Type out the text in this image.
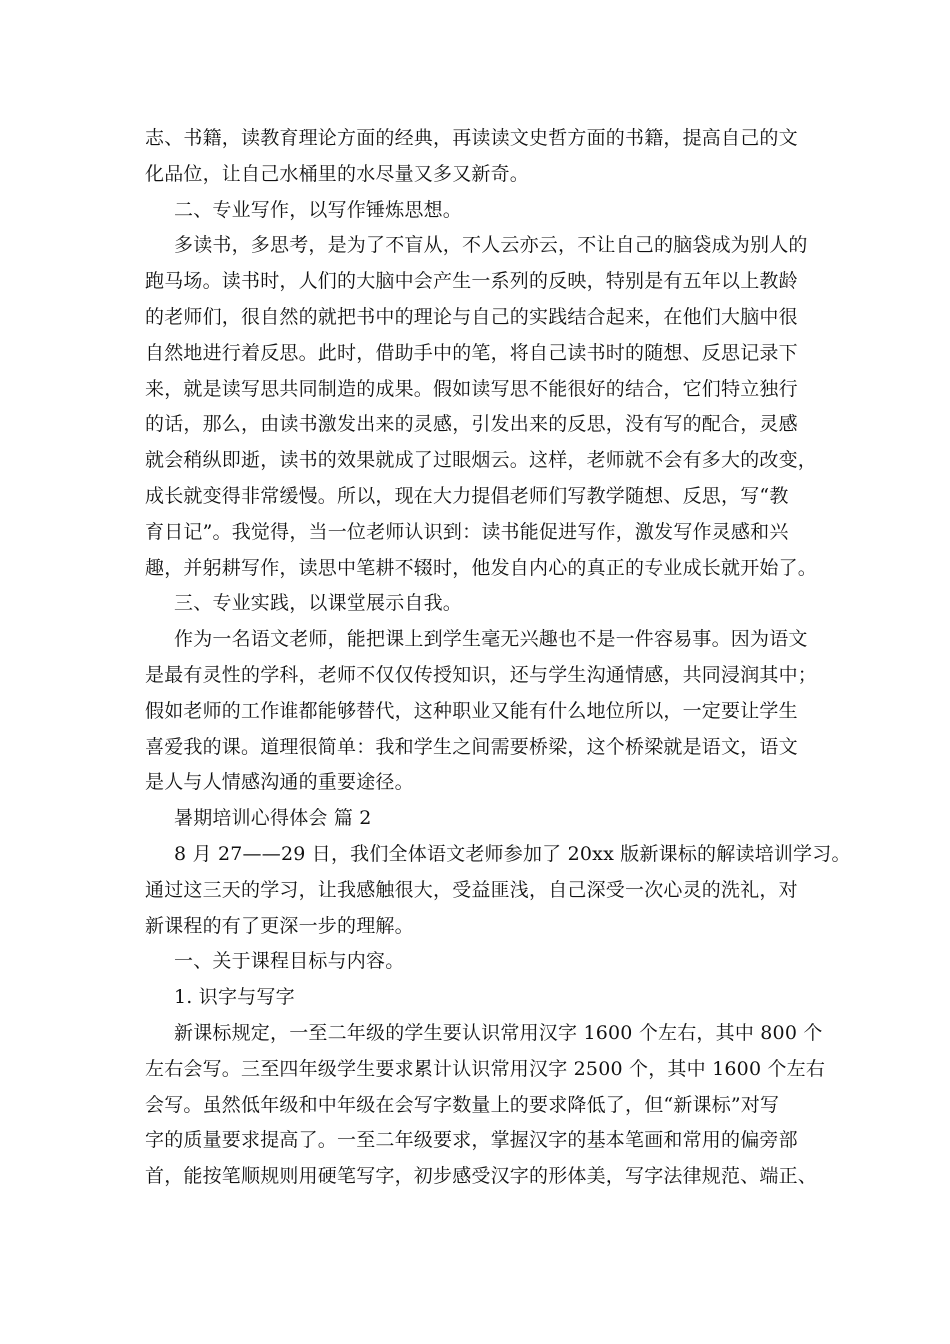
志、书籍，读教育理论方面的经典，再读读文史哲方面的书籍，提高自己的文
化品位，让自己水桶里的水尽量又多又新奇。
二、专业写作，以写作锤炼思想。
多读书，多思考，是为了不盲从，不人云亦云，不让自己的脑袋成为别人的
跑马场。读书时，人们的大脑中会产生一系列的反映，特别是有五年以上教龄
的老师们，很自然的就把书中的理论与自己的实践结合起来，在他们大脑中很
自然地进行着反思。此时，借助手中的笔，将自己读书时的随想、反思记录下
来，就是读写思共同制造的成果。假如读写思不能很好的结合，它们特立独行
的话，那么，由读书激发出来的灵感，引发出来的反思，没有写的配合，灵感
就会稍纵即逝，读书的效果就成了过眼烟云。这样，老师就不会有多大的改变，
成长就变得非常缓慢。所以，现在大力提倡老师们写教学随想、反思，写“教
育日记”。我觉得，当一位老师认识到：读书能促进写作，激发写作灵感和兴
趣，并躬耕写作，读思中笔耕不辍时，他发自内心的真正的专业成长就开始了。
三、专业实践，以课堂展示自我。
作为一名语文老师，能把课上到学生毫无兴趣也不是一件容易事。因为语文
是最有灵性的学科，老师不仅仅传授知识，还与学生沟通情感，共同浸润其中；
假如老师的工作谁都能够替代，这种职业又能有什么地位所以，一定要让学生
喜爱我的课。道理很简单：我和学生之间需要桥梁，这个桥梁就是语文，语文
是人与人情感沟通的重要途径。
暑期培训心得体会 篇 2
8 月 27——29 日，我们全体语文老师参加了 20xx 版新课标的解读培训学习。
通过这三天的学习，让我感触很大，受益匪浅，自己深受一次心灵的洗礼，对
新课程的有了更深一步的理解。
一、关于课程目标与内容。
1. 识字与写字
新课标规定，一至二年级的学生要认识常用汉字 1600 个左右，其中 800 个
左右会写。三至四年级学生要求累计认识常用汉字 2500 个，其中 1600 个左右
会写。虽然低年级和中年级在会写字数量上的要求降低了，但“新课标”对写
字的质量要求提高了。一至二年级要求，掌握汉字的基本笔画和常用的偏旁部
首，能按笔顺规则用硬笔写字，初步感受汉字的形体美，写字法律规范、端正、
